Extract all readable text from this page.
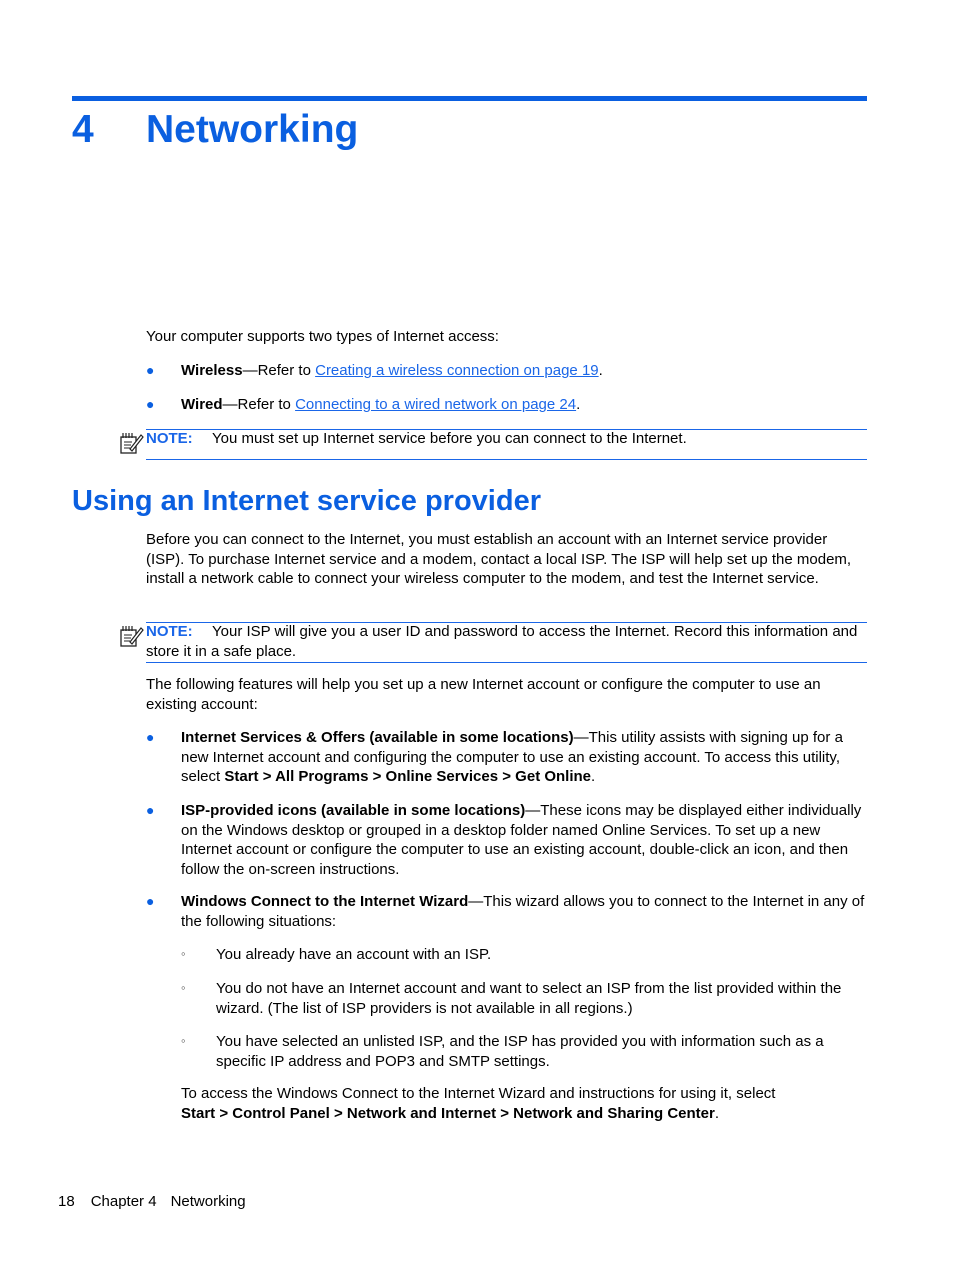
4 Networking

Your computer supports two types of Internet access:

● Wireless—Refer to Creating a wireless connection on page 19.
● Wired—Refer to Connecting to a wired network on page 24.
NOTE: You must set up Internet service before you can connect to the Internet.
Using an Internet service provider

Before you can connect to the Internet, you must establish an account with an Internet service provider (ISP). To purchase Internet service and a modem, contact a local ISP. The ISP will help set up the modem, install a network cable to connect your wireless computer to the modem, and test the Internet service.

NOTE: Your ISP will give you a user ID and password to access the Internet. Record this information and store it in a safe place.

The following features will help you set up a new Internet account or configure the computer to use an existing account:

● Internet Services & Offers (available in some locations)—This utility assists with signing up for a new Internet account and configuring the computer to use an existing account. To access this utility, select Start > All Programs > Online Services > Get Online.
● ISP-provided icons (available in some locations)—These icons may be displayed either individually on the Windows desktop or grouped in a desktop folder named Online Services. To set up a new Internet account or configure the computer to use an existing account, double-click an icon, and then follow the on-screen instructions.
● Windows Connect to the Internet Wizard—This wizard allows you to connect to the Internet in any of the following situations:
◦ You already have an account with an ISP.
◦ You do not have an Internet account and want to select an ISP from the list provided within the wizard. (The list of ISP providers is not available in all regions.)
◦ You have selected an unlisted ISP, and the ISP has provided you with information such as a specific IP address and POP3 and SMTP settings.
To access the Windows Connect to the Internet Wizard and instructions for using it, select
Start > Control Panel > Network and Internet > Network and Sharing Center.
18 Chapter 4 Networking
